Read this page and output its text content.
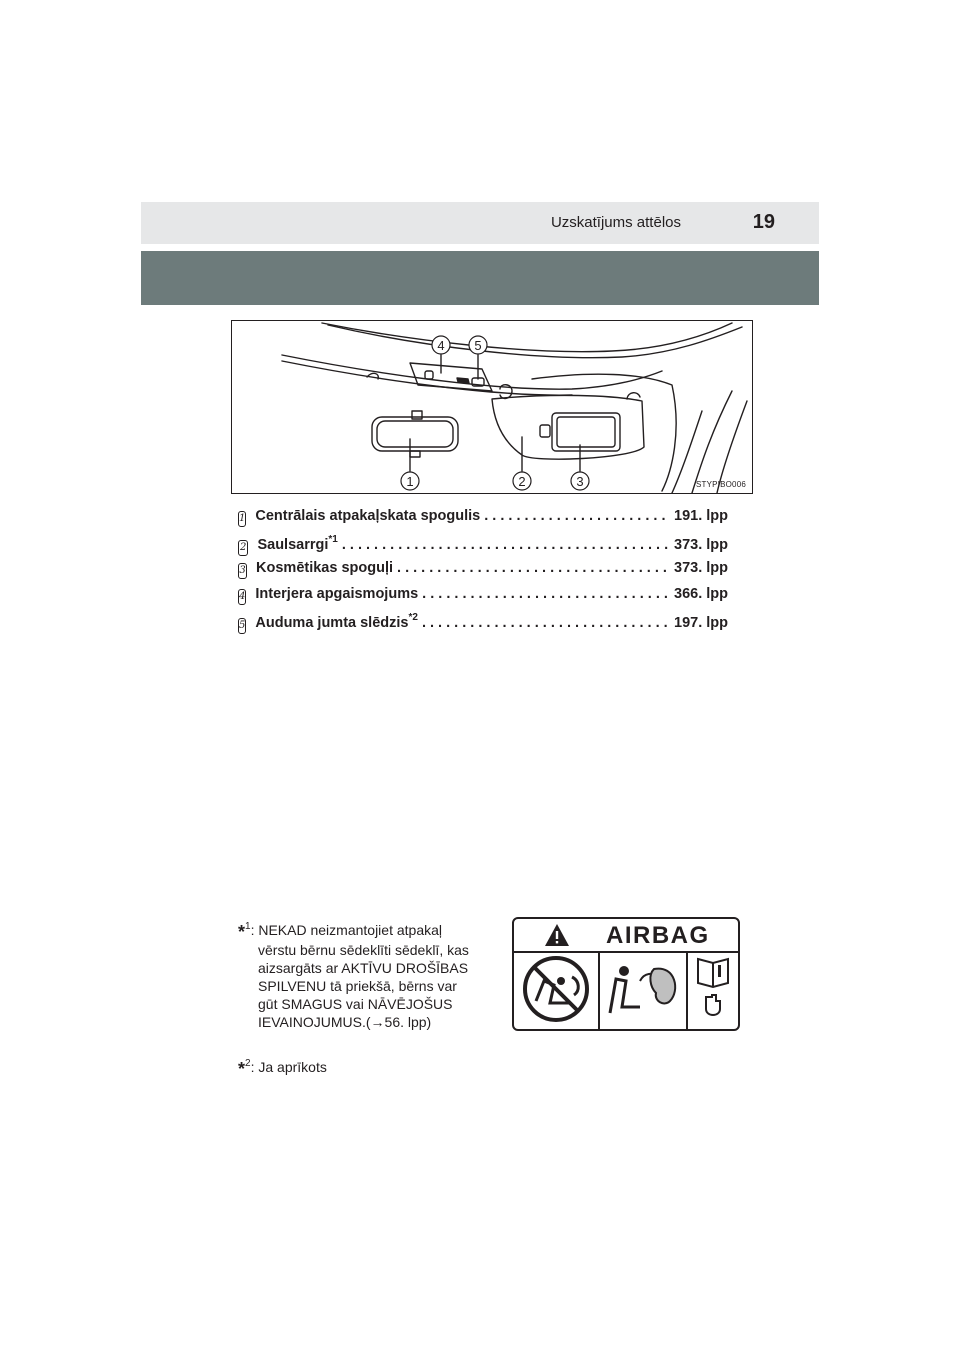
Uzskatījums attēlos	19
4 5
1	2	3	STYPIBO006
1 Centrālais atpakaļskata spogulis . . .	191. lpp
2 Saulsarrgi$^{*1}$ . . .	373. lpp
3 Kosmētikas spoguļi . . .	373. lpp
4 Interjera apgaismojums . . .	366. lpp
5 Auduma jumta slēdzis$^{*2}$ . . .	197. lpp
*$^1$: NEKAD neizmantojiet atpakaļ
vērstu bērnu sēdeklīti sēdeklī, kas
aizsargāts ar AKTĪVU DROŠĪBAS
SPILVENU tā priekšā, bērns var
gūt SMAGUS vai NĀVĒJOŠUS
IEVAINOJUMUS.(→56. lpp)
*$^2$: Ja aprīkots
AIRBAG
